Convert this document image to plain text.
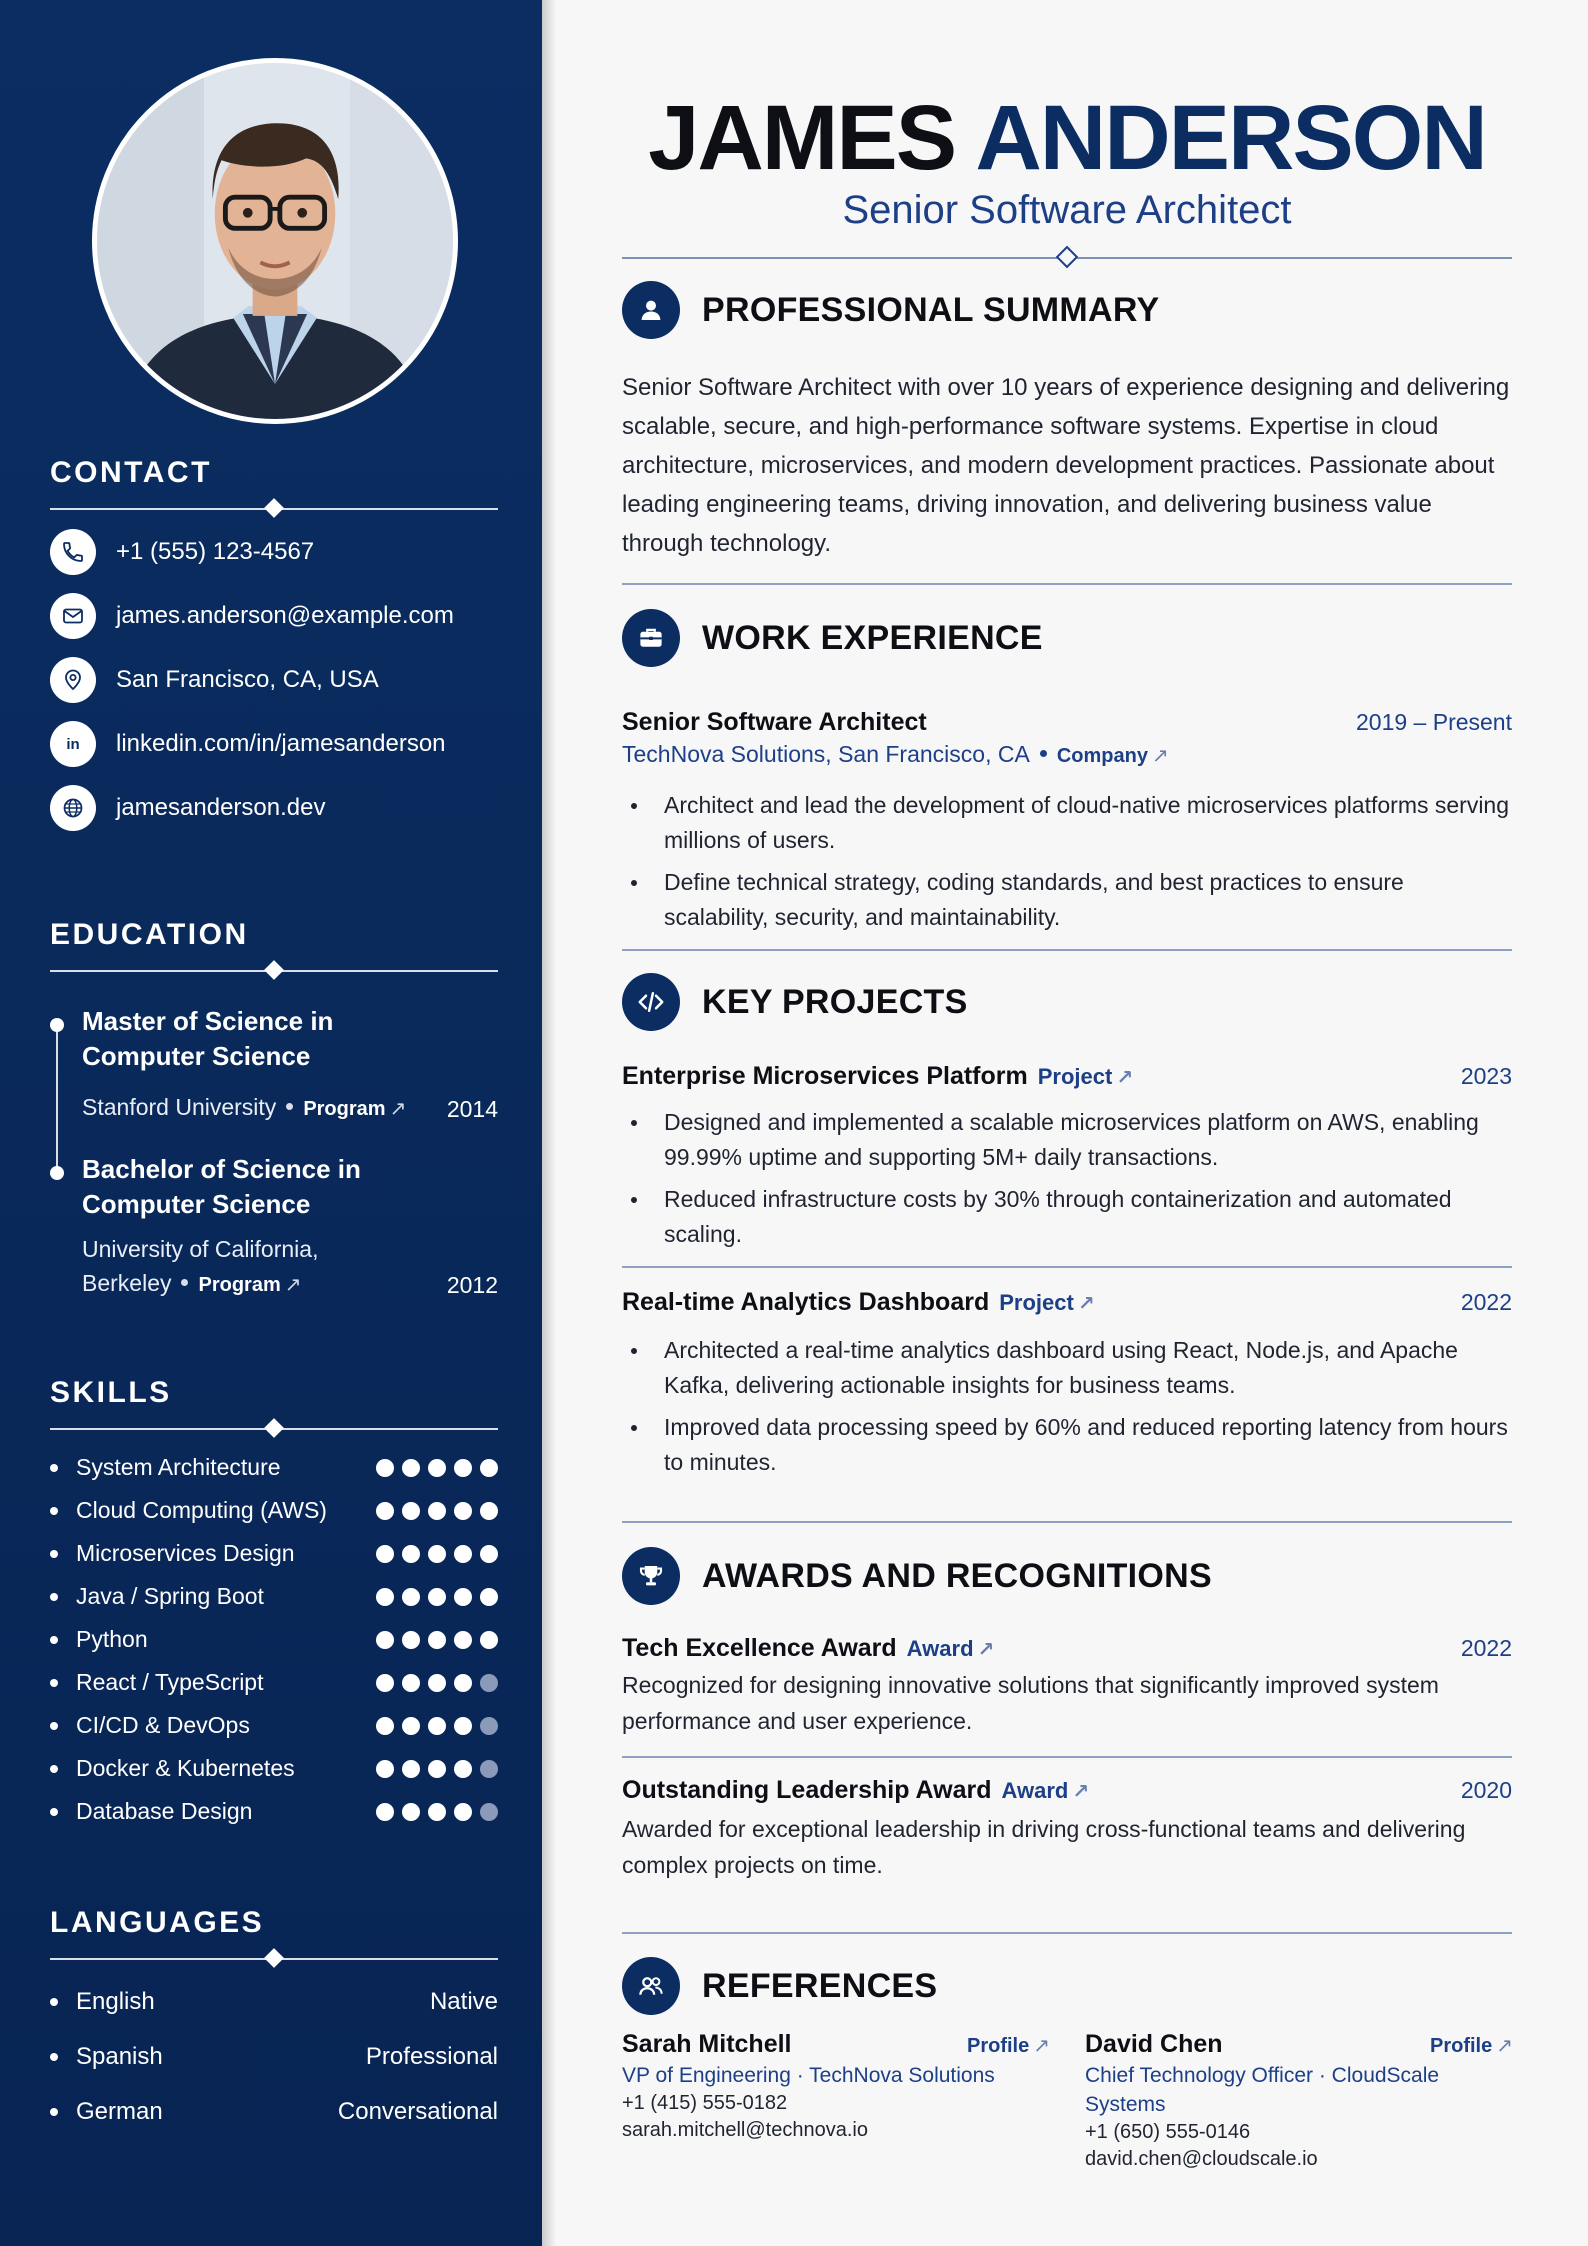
CONTACT
+1 (555) 123-4567
james.anderson@example.com
San Francisco, CA, USA
in linkedin.com/in/jamesanderson
jamesanderson.dev
EDUCATION
Master of Science in
Computer Science
Stanford University Program ↗ 2014
Bachelor of Science in
Computer Science
University of California,
Berkeley Program ↗	2012
SKILLS
System Architecture
Cloud Computing (AWS)
Microservices Design
Java / Spring Boot
Python
React / TypeScript
CI/CD & DevOps
Docker & Kubernetes
Database Design
LANGUAGES
English	Native
Spanish	Professional
German	Conversational
JAMES ANDERSON
Senior Software Architect
PROFESSIONAL SUMMARY
Senior Software Architect with over 10 years of experience designing and delivering scalable, secure, and high-performance software systems. Expertise in cloud architecture, microservices, and modern development practices. Passionate about leading engineering teams, driving innovation, and delivering business value through technology.
WORK EXPERIENCE
Senior Software Architect	2019 – Present
TechNova Solutions, San Francisco, CA Company ↗
Architect and lead the development of cloud-native microservices platforms serving millions of users.
Define technical strategy, coding standards, and best practices to ensure scalability, security, and maintainability.
KEY PROJECTS
Enterprise Microservices Platform Project ↗	2023
Designed and implemented a scalable microservices platform on AWS, enabling 99.99% uptime and supporting 5M+ daily transactions.
Reduced infrastructure costs by 30% through containerization and automated scaling.
Real-time Analytics Dashboard Project ↗	2022
Architected a real-time analytics dashboard using React, Node.js, and Apache Kafka, delivering actionable insights for business teams.
Improved data processing speed by 60% and reduced reporting latency from hours to minutes.
AWARDS AND RECOGNITIONS
Tech Excellence Award Award ↗	2022
Recognized for designing innovative solutions that significantly improved system performance and user experience.
Outstanding Leadership Award Award ↗	2020
Awarded for exceptional leadership in driving cross-functional teams and delivering complex projects on time.
REFERENCES
Sarah Mitchell	Profile ↗
VP of Engineering · TechNova Solutions
+1 (415) 555-0182
sarah.mitchell@technova.io
David Chen	Profile ↗
Chief Technology Officer · CloudScale
Systems
+1 (650) 555-0146
david.chen@cloudscale.io
